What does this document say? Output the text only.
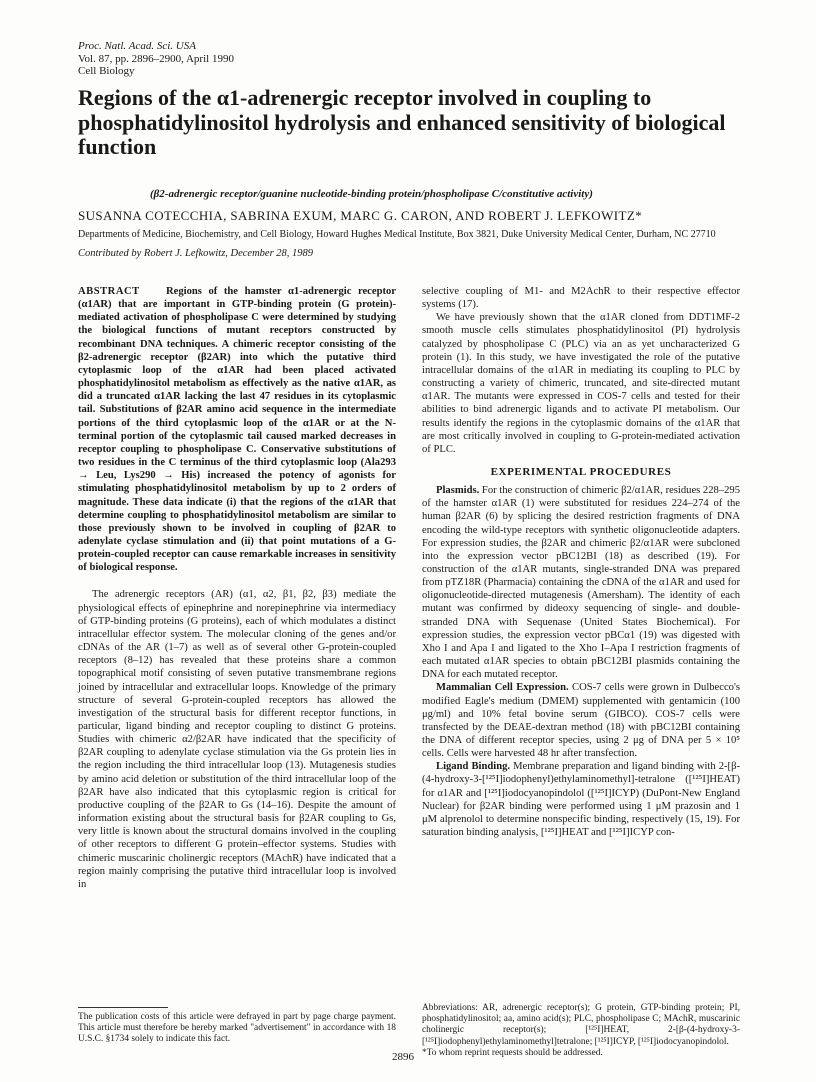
Proc. Natl. Acad. Sci. USA
Vol. 87, pp. 2896–2900, April 1990
Cell Biology
Regions of the α1-adrenergic receptor involved in coupling to phosphatidylinositol hydrolysis and enhanced sensitivity of biological function
(β2-adrenergic receptor/guanine nucleotide-binding protein/phospholipase C/constitutive activity)
SUSANNA COTECCHIA, SABRINA EXUM, MARC G. CARON, AND ROBERT J. LEFKOWITZ*
Departments of Medicine, Biochemistry, and Cell Biology, Howard Hughes Medical Institute, Box 3821, Duke University Medical Center, Durham, NC 27710
Contributed by Robert J. Lefkowitz, December 28, 1989

ABSTRACT Regions of the hamster α1-adrenergic receptor (α1AR) that are important in GTP-binding protein (G protein)-mediated activation of phospholipase C were determined by studying the biological functions of mutant receptors constructed by recombinant DNA techniques. A chimeric receptor consisting of the β2-adrenergic receptor (β2AR) into which the putative third cytoplasmic loop of the α1AR had been placed activated phosphatidylinositol metabolism as effectively as the native α1AR, as did a truncated α1AR lacking the last 47 residues in its cytoplasmic tail. Substitutions of β2AR amino acid sequence in the intermediate portions of the third cytoplasmic loop of the α1AR or at the N-terminal portion of the cytoplasmic tail caused marked decreases in receptor coupling to phospholipase C. Conservative substitutions of two residues in the C terminus of the third cytoplasmic loop (Ala293 → Leu, Lys290 → His) increased the potency of agonists for stimulating phosphatidylinositol metabolism by up to 2 orders of magnitude. These data indicate (i) that the regions of the α1AR that determine coupling to phosphatidylinositol metabolism are similar to those previously shown to be involved in coupling of β2AR to adenylate cyclase stimulation and (ii) that point mutations of a G-protein-coupled receptor can cause remarkable increases in sensitivity of biological response.

The adrenergic receptors (AR) (α1, α2, β1, β2, β3) mediate the physiological effects of epinephrine and norepinephrine via intermediacy of GTP-binding proteins (G proteins), each of which modulates a distinct intracellular effector system. The molecular cloning of the genes and/or cDNAs of the AR (1–7) as well as of several other G-protein-coupled receptors (8–12) has revealed that these proteins share a common topographical motif consisting of seven putative transmembrane regions joined by intracellular and extracellular loops. Knowledge of the primary structure of several G-protein-coupled receptors has allowed the investigation of the structural basis for different receptor functions, in particular, ligand binding and receptor coupling to distinct G proteins. Studies with chimeric α2/β2AR have indicated that the specificity of β2AR coupling to adenylate cyclase stimulation via the Gs protein lies in the region including the third intracellular loop (13). Mutagenesis studies by amino acid deletion or substitution of the third intracellular loop of the β2AR have also indicated that this cytoplasmic region is critical for productive coupling of the β2AR to Gs (14–16). Despite the amount of information existing about the structural basis for β2AR coupling to Gs, very little is known about the structural domains involved in the coupling of other receptors to different G protein–effector systems. Studies with chimeric muscarinic cholinergic receptors (MAchR) have indicated that a region mainly comprising the putative third intracellular loop is involved in

selective coupling of M1- and M2AchR to their respective effector systems (17).

We have previously shown that the α1AR cloned from DDT1MF-2 smooth muscle cells stimulates phosphatidylinositol (PI) hydrolysis catalyzed by phospholipase C (PLC) via an as yet uncharacterized G protein (1). In this study, we have investigated the role of the putative intracellular domains of the α1AR in mediating its coupling to PLC by constructing a variety of chimeric, truncated, and site-directed mutant α1AR. The mutants were expressed in COS-7 cells and tested for their abilities to bind adrenergic ligands and to activate PI metabolism. Our results identify the regions in the cytoplasmic domains of the α1AR that are most critically involved in coupling to G-protein-mediated activation of PLC.

EXPERIMENTAL PROCEDURES

Plasmids. For the construction of chimeric β2/α1AR, residues 228–295 of the hamster α1AR (1) were substituted for residues 224–274 of the human β2AR (6) by splicing the desired restriction fragments of DNA encoding the wild-type receptors with synthetic oligonucleotide adapters. For expression studies, the β2AR and chimeric β2/α1AR were subcloned into the expression vector pBC12BI (18) as described (19). For construction of the α1AR mutants, single-stranded DNA was prepared from pTZ18R (Pharmacia) containing the cDNA of the α1AR and used for oligonucleotide-directed mutagenesis (Amersham). The identity of each mutant was confirmed by dideoxy sequencing of single- and double-stranded DNA with Sequenase (United States Biochemical). For expression studies, the expression vector pBCα1 (19) was digested with Xho I and Apa I and ligated to the Xho I–Apa I restriction fragments of each mutated α1AR species to obtain pBC12BI plasmids containing the DNA for each mutated receptor.

Mammalian Cell Expression. COS-7 cells were grown in Dulbecco's modified Eagle's medium (DMEM) supplemented with gentamicin (100 μg/ml) and 10% fetal bovine serum (GIBCO). COS-7 cells were transfected by the DEAE-dextran method (18) with pBC12BI containing the DNA of different receptor species, using 2 μg of DNA per 5 × 10⁵ cells. Cells were harvested 48 hr after transfection.

Ligand Binding. Membrane preparation and ligand binding with 2-[β-(4-hydroxy-3-[¹²⁵I]iodophenyl)ethylaminomethyl]-tetralone ([¹²⁵I]HEAT) for α1AR and [¹²⁵I]iodocyanopindolol ([¹²⁵I]ICYP) (DuPont-New England Nuclear) for β2AR binding were performed using 1 μM prazosin and 1 μM alprenolol to determine nonspecific binding, respectively (15, 19). For saturation binding analysis, [¹²⁵I]HEAT and [¹²⁵I]ICYP con-

The publication costs of this article were defrayed in part by page charge payment. This article must therefore be hereby marked "advertisement" in accordance with 18 U.S.C. §1734 solely to indicate this fact.

Abbreviations: AR, adrenergic receptor(s); G protein, GTP-binding protein; PI, phosphatidylinositol; aa, amino acid(s); PLC, phospholipase C; MAchR, muscarinic cholinergic receptor(s); [¹²⁵I]HEAT, 2-[β-(4-hydroxy-3-[¹²⁵I]iodophenyl)ethylaminomethyl]tetralone; [¹²⁵I]ICYP, [¹²⁵I]iodocyanopindolol.
*To whom reprint requests should be addressed.

2896
